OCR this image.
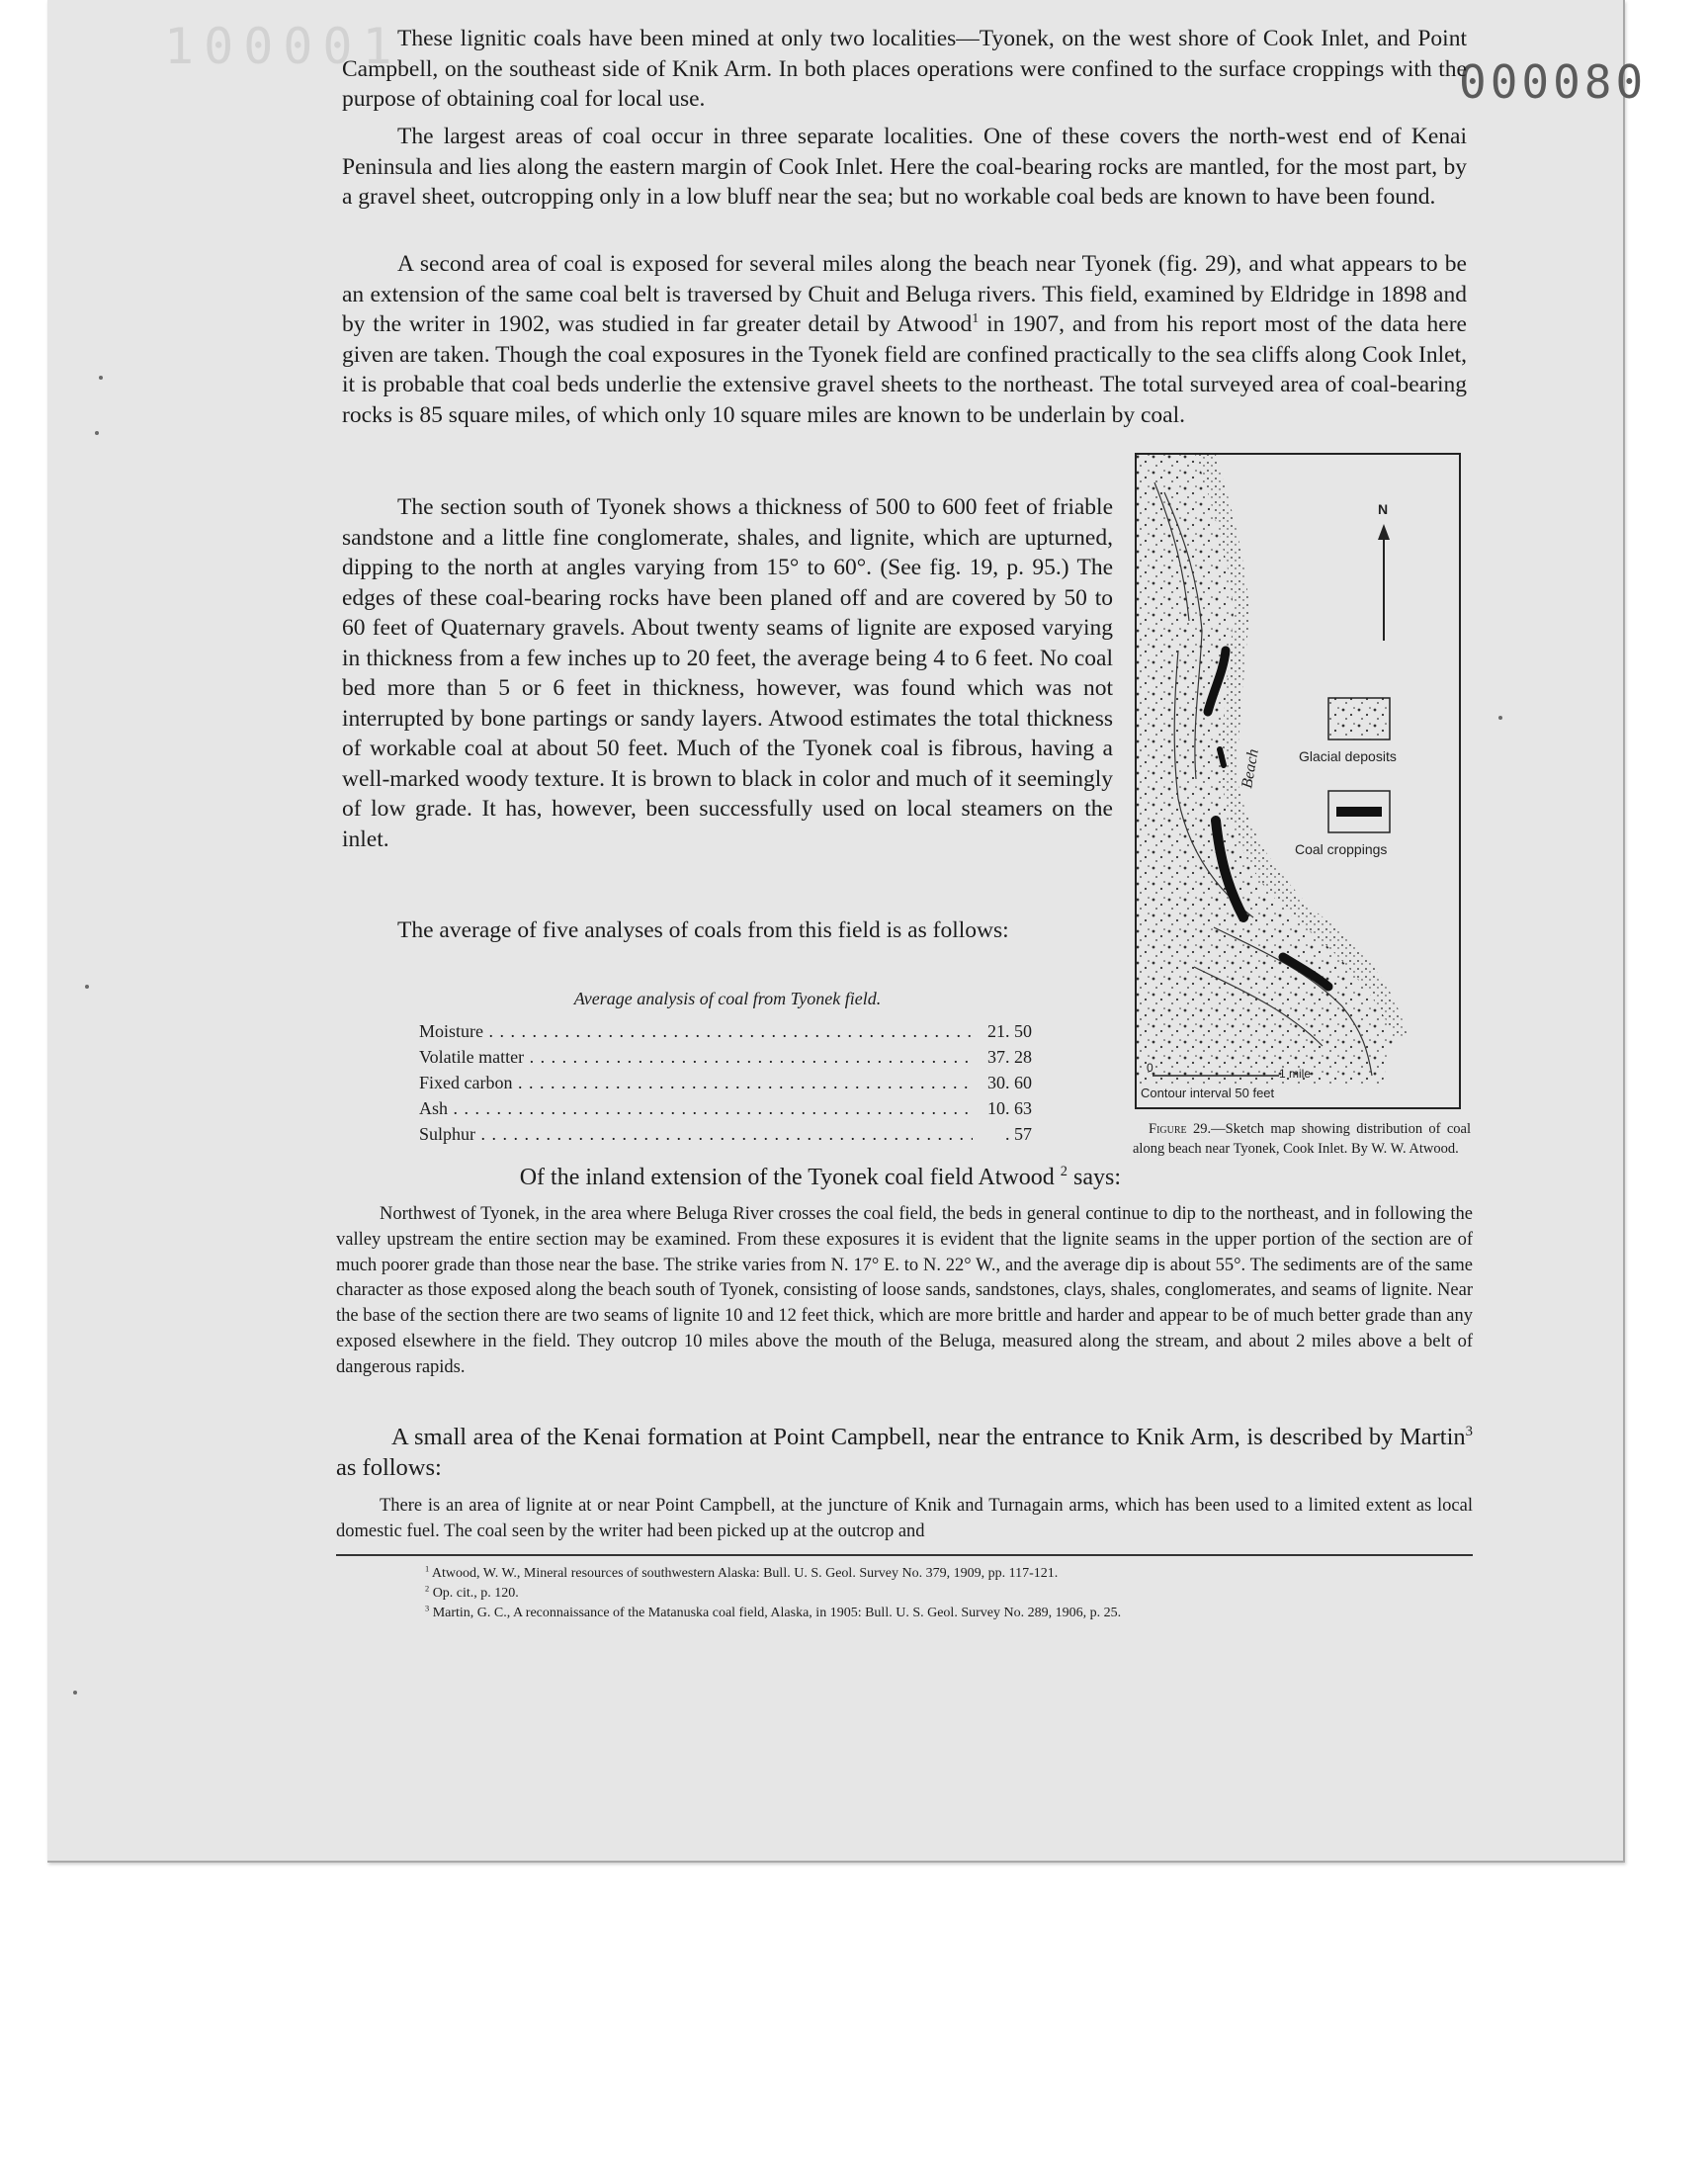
100001
000080

These lignitic coals have been mined at only two localities—Tyonek, on the west shore of Cook Inlet, and Point Campbell, on the southeast side of Knik Arm. In both places operations were confined to the surface croppings with the purpose of obtaining coal for local use.

The largest areas of coal occur in three separate localities. One of these covers the north-west end of Kenai Peninsula and lies along the eastern margin of Cook Inlet. Here the coal-bearing rocks are mantled, for the most part, by a gravel sheet, outcropping only in a low bluff near the sea; but no workable coal beds are known to have been found.

A second area of coal is exposed for several miles along the beach near Tyonek (fig. 29), and what appears to be an extension of the same coal belt is traversed by Chuit and Beluga rivers. This field, examined by Eldridge in 1898 and by the writer in 1902, was studied in far greater detail by Atwood$^1$ in 1907, and from his report most of the data here given are taken. Though the coal exposures in the Tyonek field are confined practically to the sea cliffs along Cook Inlet, it is probable that coal beds underlie the extensive gravel sheets to the northeast. The total surveyed area of coal-bearing rocks is 85 square miles, of which only 10 square miles are known to be underlain by coal.

The section south of Tyonek shows a thickness of 500 to 600 feet of friable sandstone and a little fine conglomerate, shales, and lignite, which are upturned, dipping to the north at angles varying from 15° to 60°. (See fig. 19, p. 95.) The edges of these coal-bearing rocks have been planed off and are covered by 50 to 60 feet of Quaternary gravels. About twenty seams of lignite are exposed varying in thickness from a few inches up to 20 feet, the average being 4 to 6 feet. No coal bed more than 5 or 6 feet in thickness, however, was found which was not interrupted by bone partings or sandy layers. Atwood estimates the total thickness of workable coal at about 50 feet. Much of the Tyonek coal is fibrous, having a well-marked woody texture. It is brown to black in color and much of it seemingly of low grade. It has, however, been successfully used on local steamers on the inlet.

The average of five analyses of coals from this field is as follows:

Average analysis of coal from Tyonek field.
Moisture . . .	21. 50
Volatile matter . . .	37. 28
Fixed carbon . . .	30. 60
Ash . . .	10. 63
Sulphur . . .	. 57
Of the inland extension of the Tyonek coal field Atwood $^2$ says:

Northwest of Tyonek, in the area where Beluga River crosses the coal field, the beds in general continue to dip to the northeast, and in following the valley upstream the entire section may be examined. From these exposures it is evident that the lignite seams in the upper portion of the section are of much poorer grade than those near the base. The strike varies from N. 17° E. to N. 22° W., and the average dip is about 55°. The sediments are of the same character as those exposed along the beach south of Tyonek, consisting of loose sands, sandstones, clays, shales, conglomerates, and seams of lignite. Near the base of the section there are two seams of lignite 10 and 12 feet thick, which are more brittle and harder and appear to be of much better grade than any exposed elsewhere in the field. They outcrop 10 miles above the mouth of the Beluga, measured along the stream, and about 2 miles above a belt of dangerous rapids.

A small area of the Kenai formation at Point Campbell, near the entrance to Knik Arm, is described by Martin$^3$ as follows:

There is an area of lignite at or near Point Campbell, at the juncture of Knik and Turnagain arms, which has been used to a limited extent as local domestic fuel. The coal seen by the writer had been picked up at the outcrop and

$^1$ Atwood, W. W., Mineral resources of southwestern Alaska: Bull. U. S. Geol. Survey No. 379, 1909, pp. 117-121.
$^2$ Op. cit., p. 120.
$^3$ Martin, G. C., A reconnaissance of the Matanuska coal field, Alaska, in 1905: Bull. U. S. Geol. Survey No. 289, 1906, p. 25.
N
Glacial deposits
Coal croppings
Beach
0	1 mile
Contour interval 50 feet
Figure 29.—Sketch map showing distribution of coal along beach near Tyonek, Cook Inlet. By W. W. Atwood.
